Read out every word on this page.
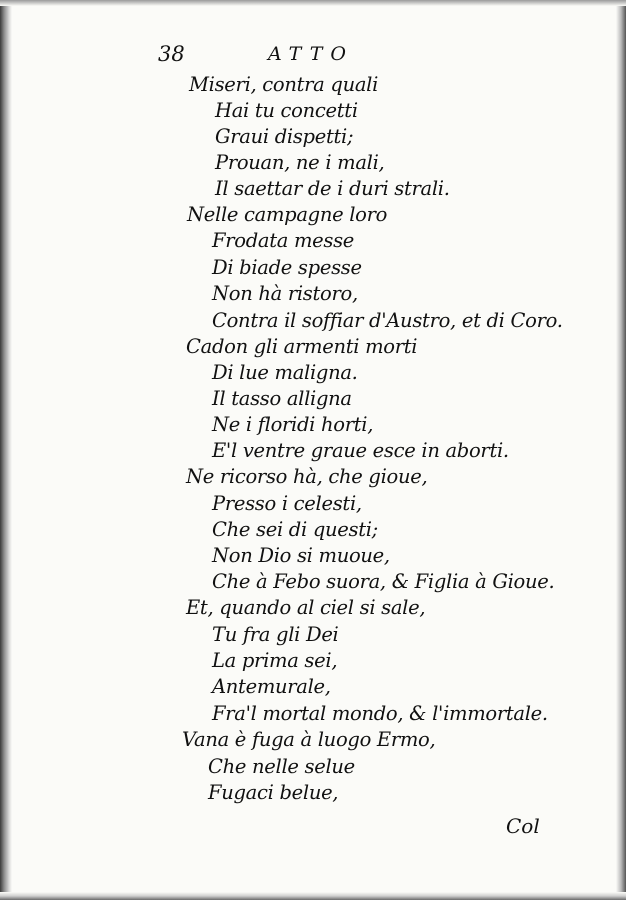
38	ATTO
Miseri, contra quali
Hai tu concetti
Graui dispetti;
Prouan, ne i mali,
Il saettar de i duri strali.
Nelle campagne loro
Frodata messe
Di biade spesse
Non hà ristoro,
Contra il soffiar d'Austro, et di Coro.
Cadon gli armenti morti
Di lue maligna.
Il tasso alligna
Ne i floridi horti,
E'l ventre graue esce in aborti.
Ne ricorso hà, che gioue,
Presso i celesti,
Che sei di questi;
Non Dio si muoue,
Che à Febo suora, & Figlia à Gioue.
Et, quando al ciel si sale,
Tu fra gli Dei
La prima sei,
Antemurale,
Fra'l mortal mondo, & l'immortale.
Vana è fuga à luogo Ermo,
Che nelle selue
Fugaci belue,
Col
